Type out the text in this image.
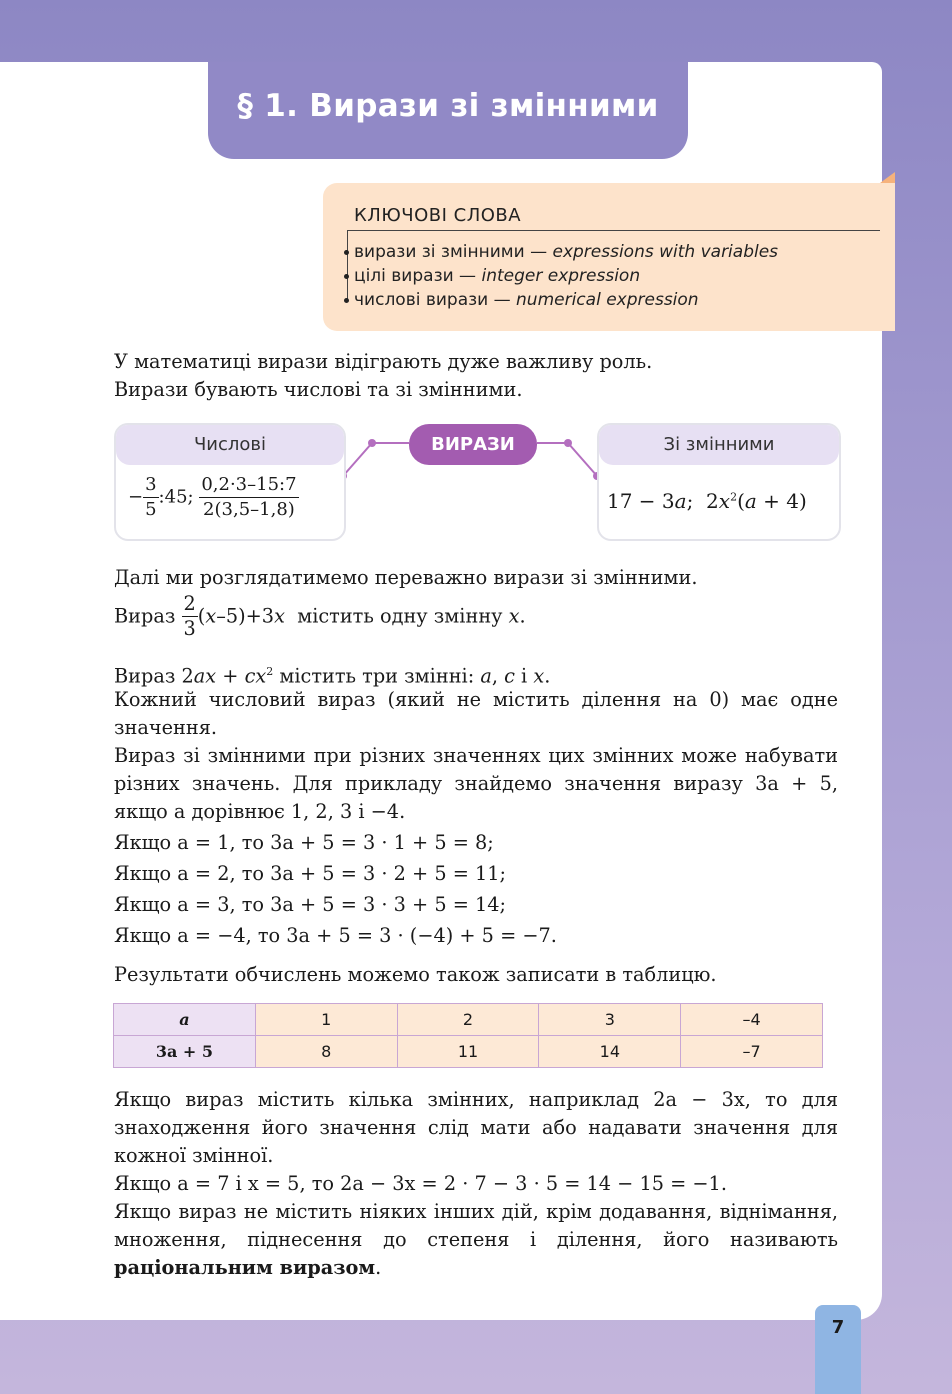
§ 1. Вирази зі змінними
КЛЮЧОВІ СЛОВА
вирази зі змінними — expressions with variables
цілі вирази — integer expression
числові вирази — numerical expression
У математиці вирази відіграють дуже важливу роль.
Вирази бувають числові та зі змінними.
Числові
− $\frac{3}{5}$ :45; $\frac{0,2\cdot 3-15:7}{2(3,5-1,8)}$
ВИРАЗИ	Зі змінними
17 − 3a;  $2x^2(a + 4)$
Далі ми розглядатимемо переважно вирази зі змінними.
Вираз $\frac{2}{3} (x-5)+3x$ містить одну змінну x.
Вираз $2ax + cx^2$ містить три змінні: a, c і x.
Кожний числовий вираз (який не містить ділення на 0) має одне значення.
Вираз зі змінними при різних значеннях цих змінних може набувати різних значень. Для прикладу знайдемо значення виразу 3a + 5, якщо a дорівнює 1, 2, 3 і −4.
Якщо a = 1, то 3a + 5 = 3 · 1 + 5 = 8;
Якщо a = 2, то 3a + 5 = 3 · 2 + 5 = 11;
Якщо a = 3, то 3a + 5 = 3 · 3 + 5 = 14;
Якщо a = −4, то 3a + 5 = 3 · (−4) + 5 = −7.
Результати обчислень можемо також записати в таблицю.
a	1	2	3	–4
3a + 5	8	11	14	–7
Якщо вираз містить кілька змінних, наприклад 2a − 3x, то для знаходження його значення слід мати або надавати значення для кожної змінної.
Якщо a = 7 і x = 5, то 2a − 3x = 2 · 7 − 3 · 5 = 14 − 15 = −1.
Якщо вираз не містить ніяких інших дій, крім додавання, віднімання, множення, піднесення до степеня і ділення, його називають раціональним виразом.
7
